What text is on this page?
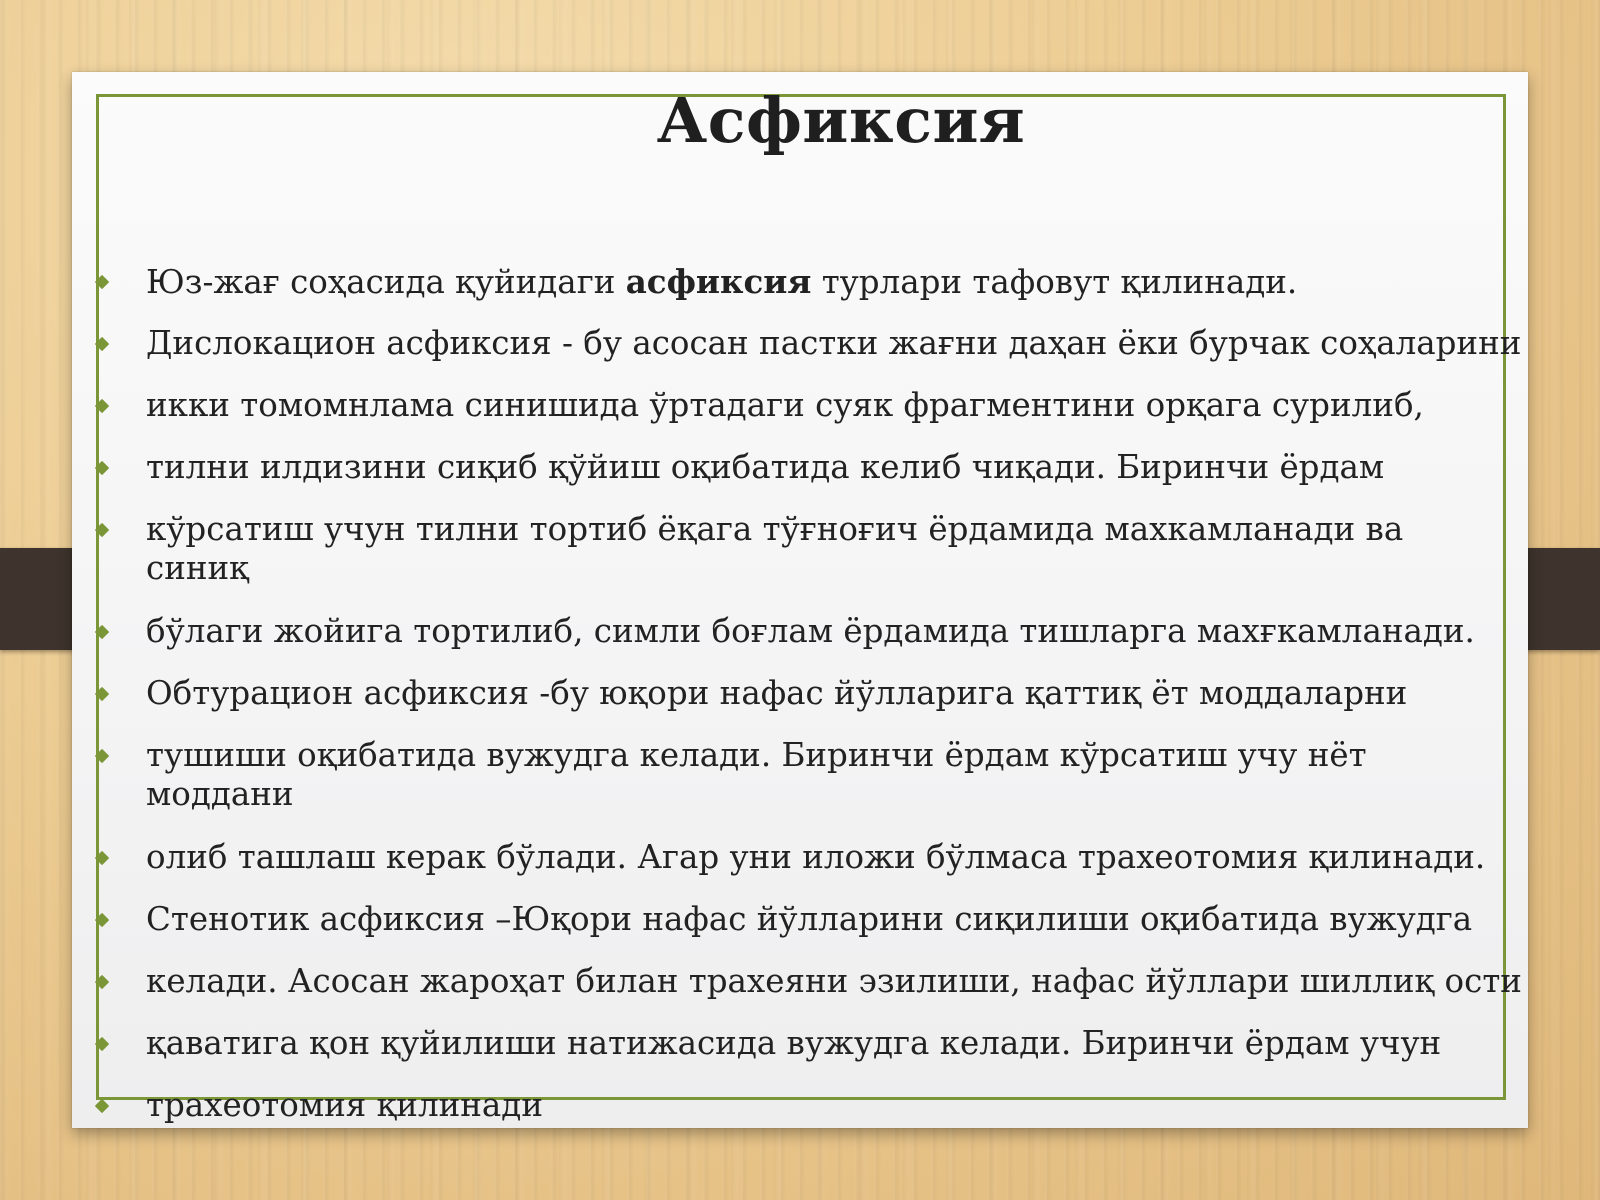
Асфиксия
Юз-жағ соҳасида қуйидаги асфиксия турлари тафовут қилинади.
Дислокацион асфиксия - бу асосан пастки жағни даҳан ёки бурчак соҳаларини
икки томомнлама синишида ўртадаги суяк фрагментини орқага сурилиб,
тилни илдизини сиқиб қўйиш оқибатида келиб чиқади. Биринчи ёрдам
кўрсатиш учун тилни тортиб ёқага тўғноғич ёрдамида махкамланади ва синиқ
бўлаги жойига тортилиб, симли боғлам ёрдамида тишларга махғкамланади.
Обтурацион асфиксия -бу юқори нафас йўлларига қаттиқ ёт моддаларни
тушиши оқибатида вужудга келади. Биринчи ёрдам кўрсатиш учу нёт моддани
олиб ташлаш керак бўлади. Агар уни иложи бўлмаса трахеотомия қилинади.
Стенотик асфиксия –Юқори нафас йўлларини сиқилиши оқибатида вужудга
келади. Асосан жароҳат билан трахеяни эзилиши, нафас йўллари шиллиқ ости
қаватига қон қуйилиши натижасида вужудга келади. Биринчи ёрдам учун
трахеотомия қилинади
